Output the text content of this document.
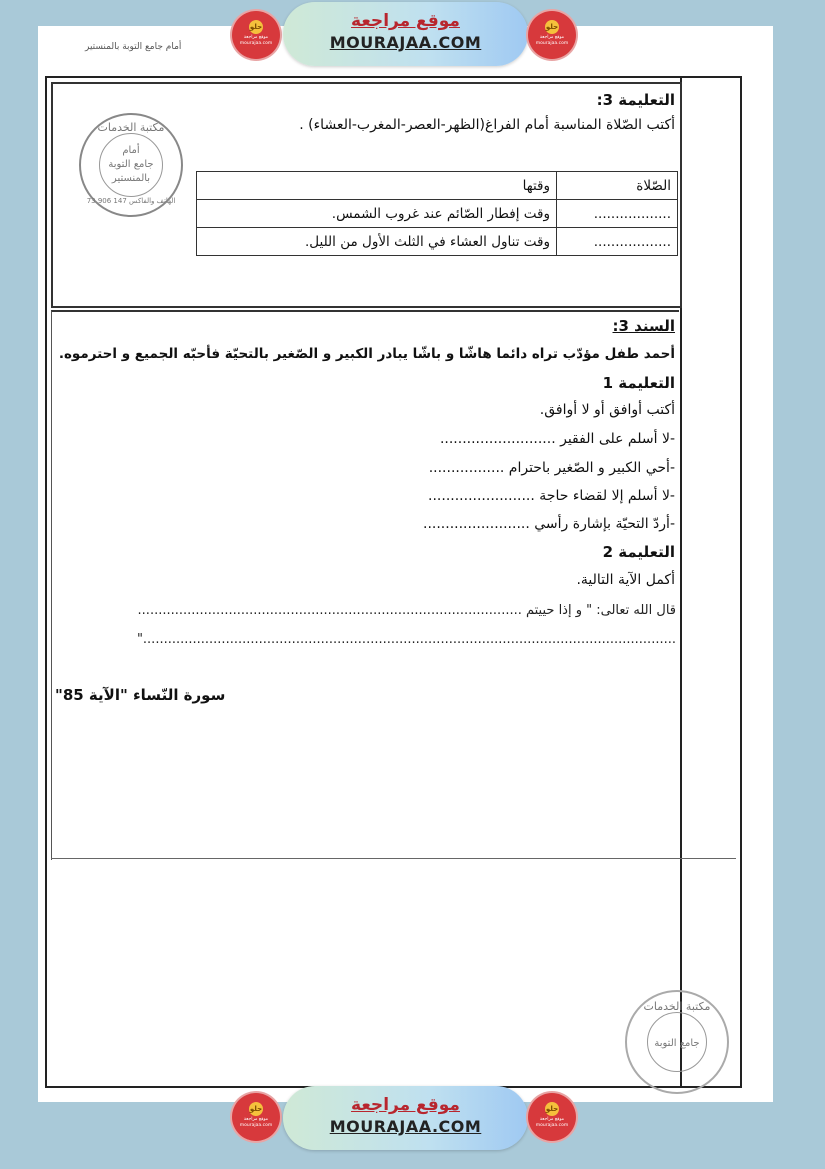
حلو
موقع مراجعة mourajaa.com
موقع مراجعة
MOURAJAA.COM
حلو
موقع مراجعة mourajaa.com
أمام جامع التوبة بالمنستير
التعليمة 3:
أكتب الصّلاة المناسبة أمام الفراغ(الظهر-العصر-المغرب-العشاء) .
الصّلاة	وقتها
..................	وقت إفطار الصّائم عند غروب الشمس.
..................	وقت تناول العشاء في الثلث الأول من الليل.
مكتبة الخدمات
أمام
جامع التوبة
بالمنستير
73 906 147 الهاتف والفاكس
السند 3:
أحمد طفل مؤدّب تراه دائما هاشّا و باشّا يبادر الكبير و الصّغير بالتحيّة فأحبّه الجميع و احترموه.
التعليمة 1
أكتب أوافق أو لا أوافق.
-لا أسلم على الفقير ..........................
-أحي الكبير و الصّغير باحترام .................
-لا أسلم إلا لقضاء حاجة ........................
-أردّ التحيّة بإشارة رأسي ........................
التعليمة 2
أكمل الآية التالية.
قال الله تعالى: " و إذا حييتم .............................................................................................
................................................................................................................................."
سورة النّساء "الآية 85"
مكتبة الخدمات
جامع التوبة
حلو
موقع مراجعة mourajaa.com
موقع مراجعة
MOURAJAA.COM
حلو
موقع مراجعة mourajaa.com
